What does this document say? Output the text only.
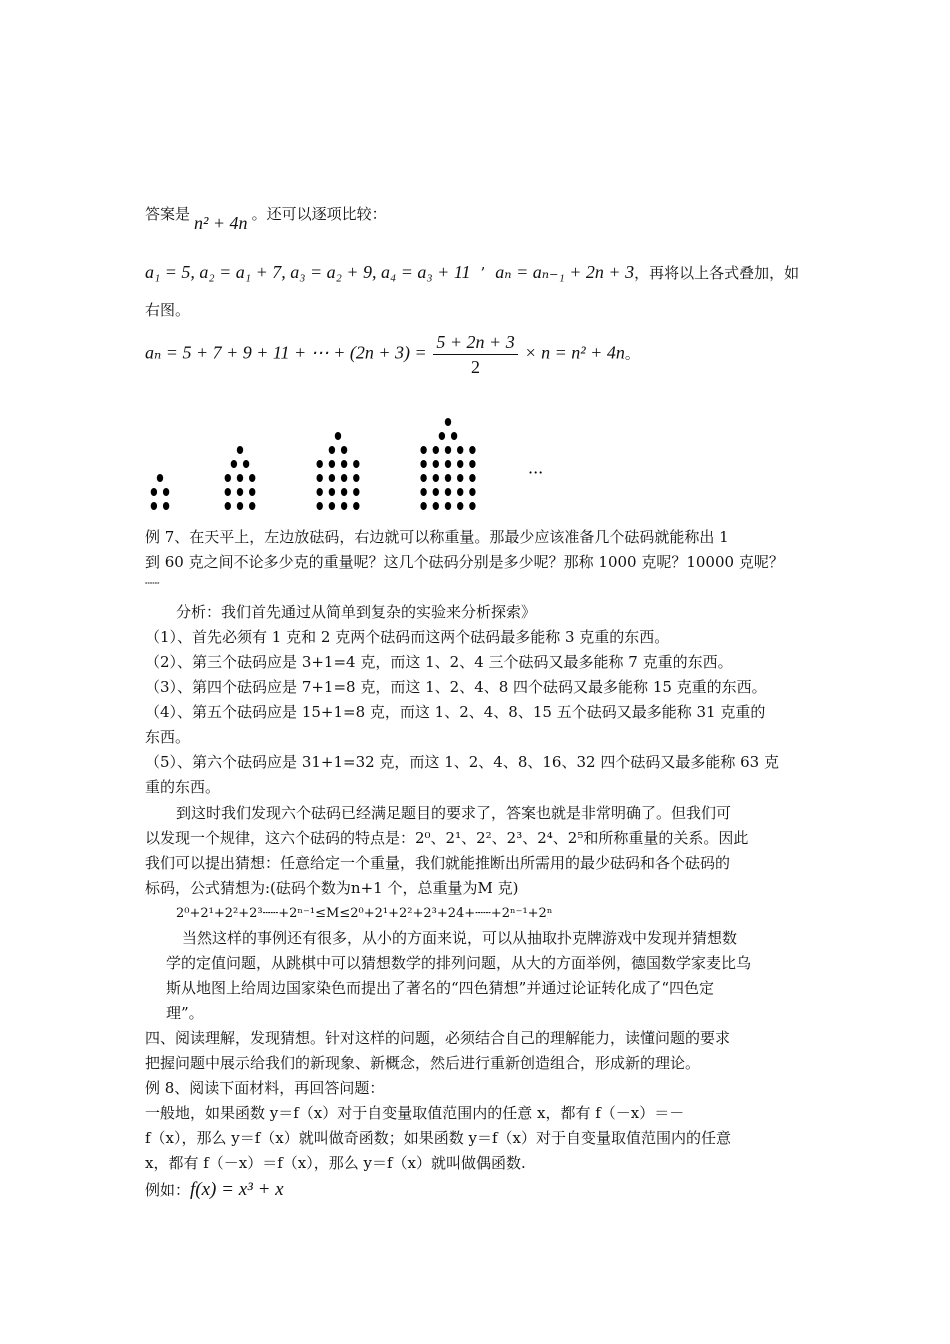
答案是 n² + 4n 。还可以逐项比较：
a₁ = 5, a₂ = a₁ + 7, a₃ = a₂ + 9, a₄ = a₃ + 11 ’ aₙ = aₙ₋₁ + 2n + 3，再将以上各式叠加，如
右图。
aₙ = 5 + 7 + 9 + 11 + ⋯ + $(2n + 3) = \frac{5 + 2n + 3}{2} \times n = n^2 + 4n$。
···
例 7、在天平上，左边放砝码，右边就可以称重量。那最少应该准备几个砝码就能称出 1
到 60 克之间不论多少克的重量呢？这几个砝码分别是多少呢？那称 1000 克呢？10000 克呢？
┄┄
分析：我们首先通过从简单到复杂的实验来分析探索》
（1）、首先必须有 1 克和 2 克两个砝码而这两个砝码最多能称 3 克重的东西。
（2）、第三个砝码应是 3+1=4 克，而这 1、2、4 三个砝码又最多能称 7 克重的东西。
（3）、第四个砝码应是 7+1=8 克，而这 1、2、4、8 四个砝码又最多能称 15 克重的东西。
（4）、第五个砝码应是 15+1=8 克，而这 1、2、4、8、15 五个砝码又最多能称 31 克重的
东西。
（5）、第六个砝码应是 31+1=32 克，而这 1、2、4、8、16、32 四个砝码又最多能称 63 克
重的东西。
到这时我们发现六个砝码已经满足题目的要求了，答案也就是非常明确了。但我们可
以发现一个规律，这六个砝码的特点是：2⁰、2¹、2²、2³、2⁴、2⁵和所称重量的关系。因此
我们可以提出猜想：任意给定一个重量，我们就能推断出所需用的最少砝码和各个砝码的
标码，公式猜想为:(砝码个数为n+1 个，总重量为M 克)
2⁰+2¹+2²+2³┄┄+2ⁿ⁻¹≤M≤2⁰+2¹+2²+2³+24+┄┄+2ⁿ⁻¹+2ⁿ
当然这样的事例还有很多，从小的方面来说，可以从抽取扑克牌游戏中发现并猜想数
学的定值问题，从跳棋中可以猜想数学的排列问题，从大的方面举例，德国数学家麦比乌
斯从地图上给周边国家染色而提出了著名的“四色猜想”并通过论证转化成了“四色定
理”。
四、阅读理解，发现猜想。针对这样的问题，必须结合自己的理解能力，读懂问题的要求
把握问题中展示给我们的新现象、新概念，然后进行重新创造组合，形成新的理论。
例 8、阅读下面材料，再回答问题：
一般地，如果函数 y＝f（x）对于自变量取值范围内的任意 x，都有 f（－x）＝－
f（x），那么 y＝f（x）就叫做奇函数；如果函数 y＝f（x）对于自变量取值范围内的任意
x，都有 f（－x）＝f（x），那么 y＝f（x）就叫做偶函数.
例如：f(x) = x³ + x
